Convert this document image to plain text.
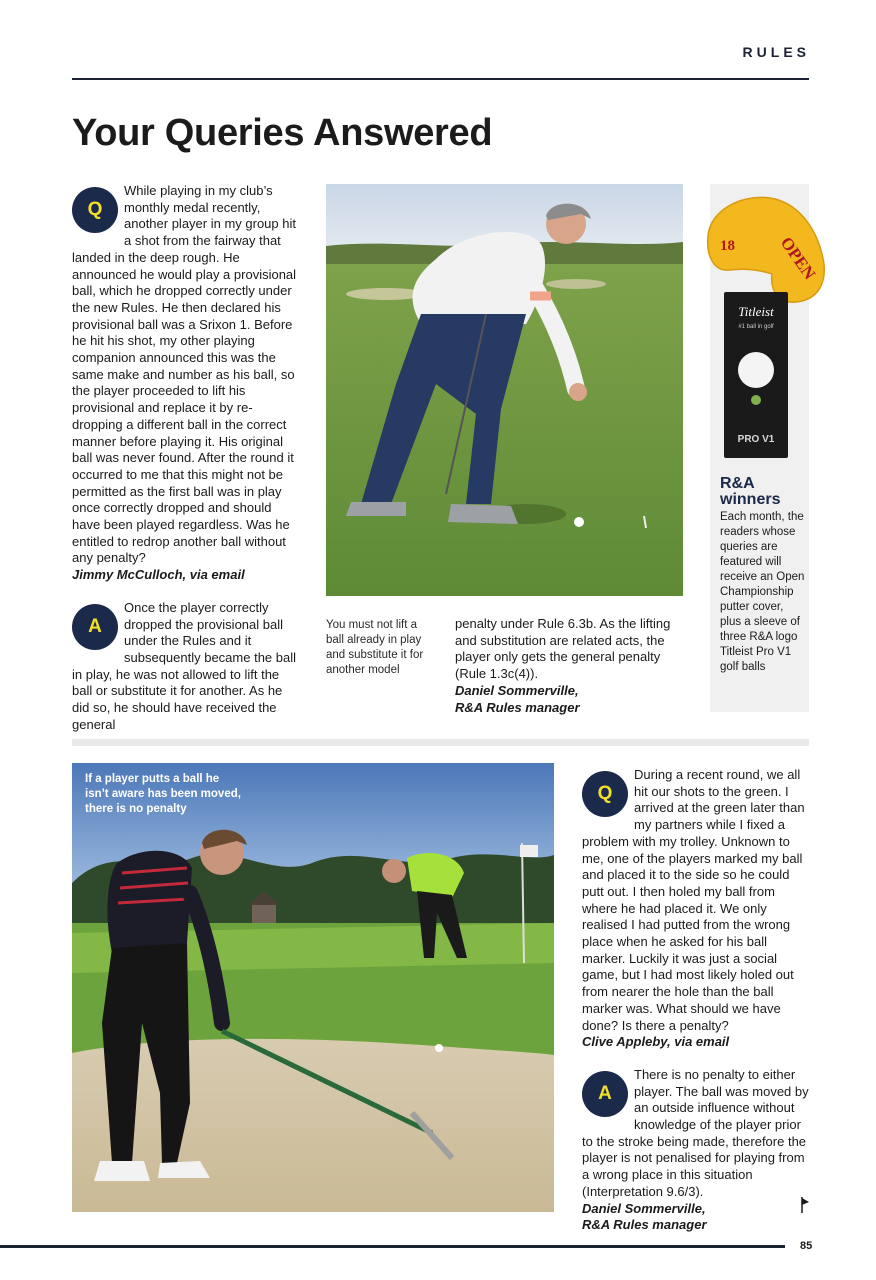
RULES
Your Queries Answered
Q

While playing in my club’s monthly medal recently, another player in my group hit a shot from the fairway that landed in the deep rough. He announced he would play a provisional ball, which he dropped correctly under the new Rules. He then declared his provisional ball was a Srixon 1. Before he hit his shot, my other playing companion announced this was the same make and number as his ball, so the player proceeded to lift his provisional and replace it by re-dropping a different ball in the correct manner before playing it. His original ball was never found. After the round it occurred to me that this might not be permitted as the first ball was in play once correctly dropped and should have been played regardless. Was he entitled to redrop another ball without any penalty?

Jimmy McCulloch, via email

A

Once the player correctly dropped the provisional ball under the Rules and it subsequently became the ball in play, he was not allowed to lift the ball or substitute it for another. As he did so, he should have received the general

You must not lift a ball already in play and substitute it for another model

penalty under Rule 6.3b. As the lifting and substitution are related acts, the player only gets the general penalty (Rule 1.3c(4)).

Daniel Sommerville,

R&A Rules manager

OPEN
18
Titleist
#1 ball in golf
PRO V1
R&A
winners
Each month, the readers whose queries are featured will receive an Open Championship putter cover, plus a sleeve of three R&A logo Titleist Pro V1 golf balls
If a player putts a ball he isn’t aware has been moved, there is no penalty
Q

During a recent round, we all hit our shots to the green. I arrived at the green later than my partners while I fixed a problem with my trolley. Unknown to me, one of the players marked my ball and placed it to the side so he could putt out. I then holed my ball from where he had placed it. We only realised I had putted from the wrong place when he asked for his ball marker. Luckily it was just a social game, but I had most likely holed out from nearer the hole than the ball marker was. What should we have done? Is there a penalty?

Clive Appleby, via email

A

There is no penalty to either player. The ball was moved by an outside influence without knowledge of the player prior to the stroke being made, therefore the player is not penalised for playing from a wrong place in this situation (Interpretation 9.6/3).

Daniel Sommerville,

R&A Rules manager

85
